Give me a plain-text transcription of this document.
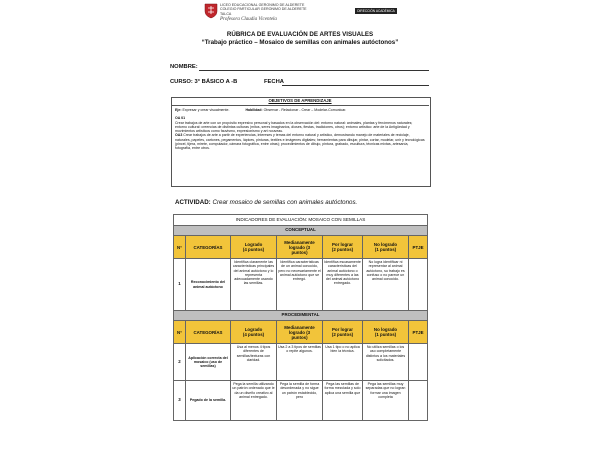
LICEO EDUCACIONAL GERONIMO DE ALDERETE
COLEGIO PARTICULAR GERONIMO DE ALDERETE
TALCA
Profesora Claudia Vicentela
DIRECCIÓN ACADÉMICA
RÚBRICA DE EVALUACIÓN DE ARTES VISUALES
“Trabajo práctico – Mosaico de semillas con animales autóctonos”
NOMBRE:
CURSO: 3° BÁSICO A -B	FECHA
OBJETIVOS DE APRENDIZAJE
Eje: Expresar y crear visualmente.	Habilidad: Observar - Relacionar - Crear – Modelar-Comunicar.
OA 01
Crear trabajos de arte con un propósito expresivo personal y basados en la observación del: entorno natural: animales, plantas y fenómenos naturales; entorno cultural: creencias de distintas culturas (mitos, seres imaginarios, dioses, fiestas, tradiciones, otros); entorno artístico: arte de la Antigüedad y movimientos artísticos como fauvismo, expresionismo y art nouveau.
OA3 Crear trabajos de arte a partir de experiencias, intereses y temas del entorno natural y artístico, demostrando manejo de materiales de reciclaje, naturales, papeles, cartones, pegamentos, lápices, pinturas, textiles e imágenes digitales; herramientas para dibujar, pintar, cortar, modelar, unir y tecnológicas (pincel, tijera, mirete, computador, cámara fotográfica, entre otras); procedimientos de dibujo, pintura, grabado, escultura, técnicas mixtas, artesanía, fotografía, entre otros.
ACTIVIDAD: Crear mosaico de semillas con animales autóctonos.
INDICADORES DE EVALUACIÓN: MOSAICO CON SEMILLAS						
CONCEPTUAL						
N°	CATEGORÍAS	Logrado
(4 puntos)	Medianamente
logrado (3
puntos)	Por lograr
(2 puntos)	No logrado
(1 puntos)	PTJE
1	Reconocimiento del animal autóctono	Identifica claramente las características principales del animal autóctono y lo representa adecuadamente usando las semillas.	Identifica características de un animal conocido, pero no necesariamente el animal autóctono que se entregó.	Identifica escasamente características del animal autóctono o muy diferentes a las del animal autóctono entregado.	No logra identificar ni representar al animal autóctono, su trabajo es confuso o no parece un animal conocido.	
PROCEDIMENTAL						
N°	CATEGORÍAS	Logrado
(4 puntos)	Medianamente
logrado (3
puntos)	Por lograr
(2 puntos)	No logrado
(1 puntos)	PTJE
2	Aplicación correcta del mosaico (uso de semillas)	Usa al menos 4 tipos diferentes de semillas/texturas con claridad.	Usa 2 a 3 tipos de semillas o repite algunos.	Usa 1 tipo o no aplica bien la técnica.	No utiliza semillas o los uso completamente distintos a los materiales solicitados.	
3	Pegado de la semilla.	Pega la semilla utilizando un patrón ordenado que le da un diseño creativo al animal entregado.	Pega la semilla de forma desordenada y no sigue un patrón establecido, pero	Pega las semillas de forma mezclada y solo aplica una semilla que	Pega las semillas muy separadas que no logran formar una imagen completa	
